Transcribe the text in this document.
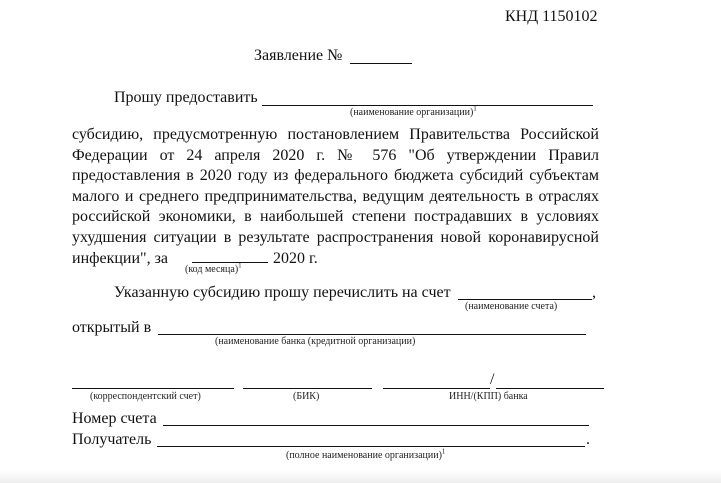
КНД 1150102
Заявление №
Прошу предоставить
(наименование организации)$^1$
субсидию, предусмотренную постановлением Правительства Российской
Федерации от 24 апреля 2020 г. № 576 "Об утверждении Правил
предоставления в 2020 году из федерального бюджета субсидий субъектам
малого и среднего предпринимательства, ведущим деятельность в отраслях
российской экономики, в наибольшей степени пострадавших в условиях
ухудшения ситуации в результате распространения новой коронавирусной
инфекции", за	2020 г.
(код месяца)$^1$
Указанную субсидию прошу перечислить на счет	,
(наименование счета)
открытый в
(наименование банка (кредитной организации)
/
(корреспондентский счет)	(БИК)	ИНН/(КПП) банка
Номер счета
Получатель	.
(полное наименование организации)$^1$
